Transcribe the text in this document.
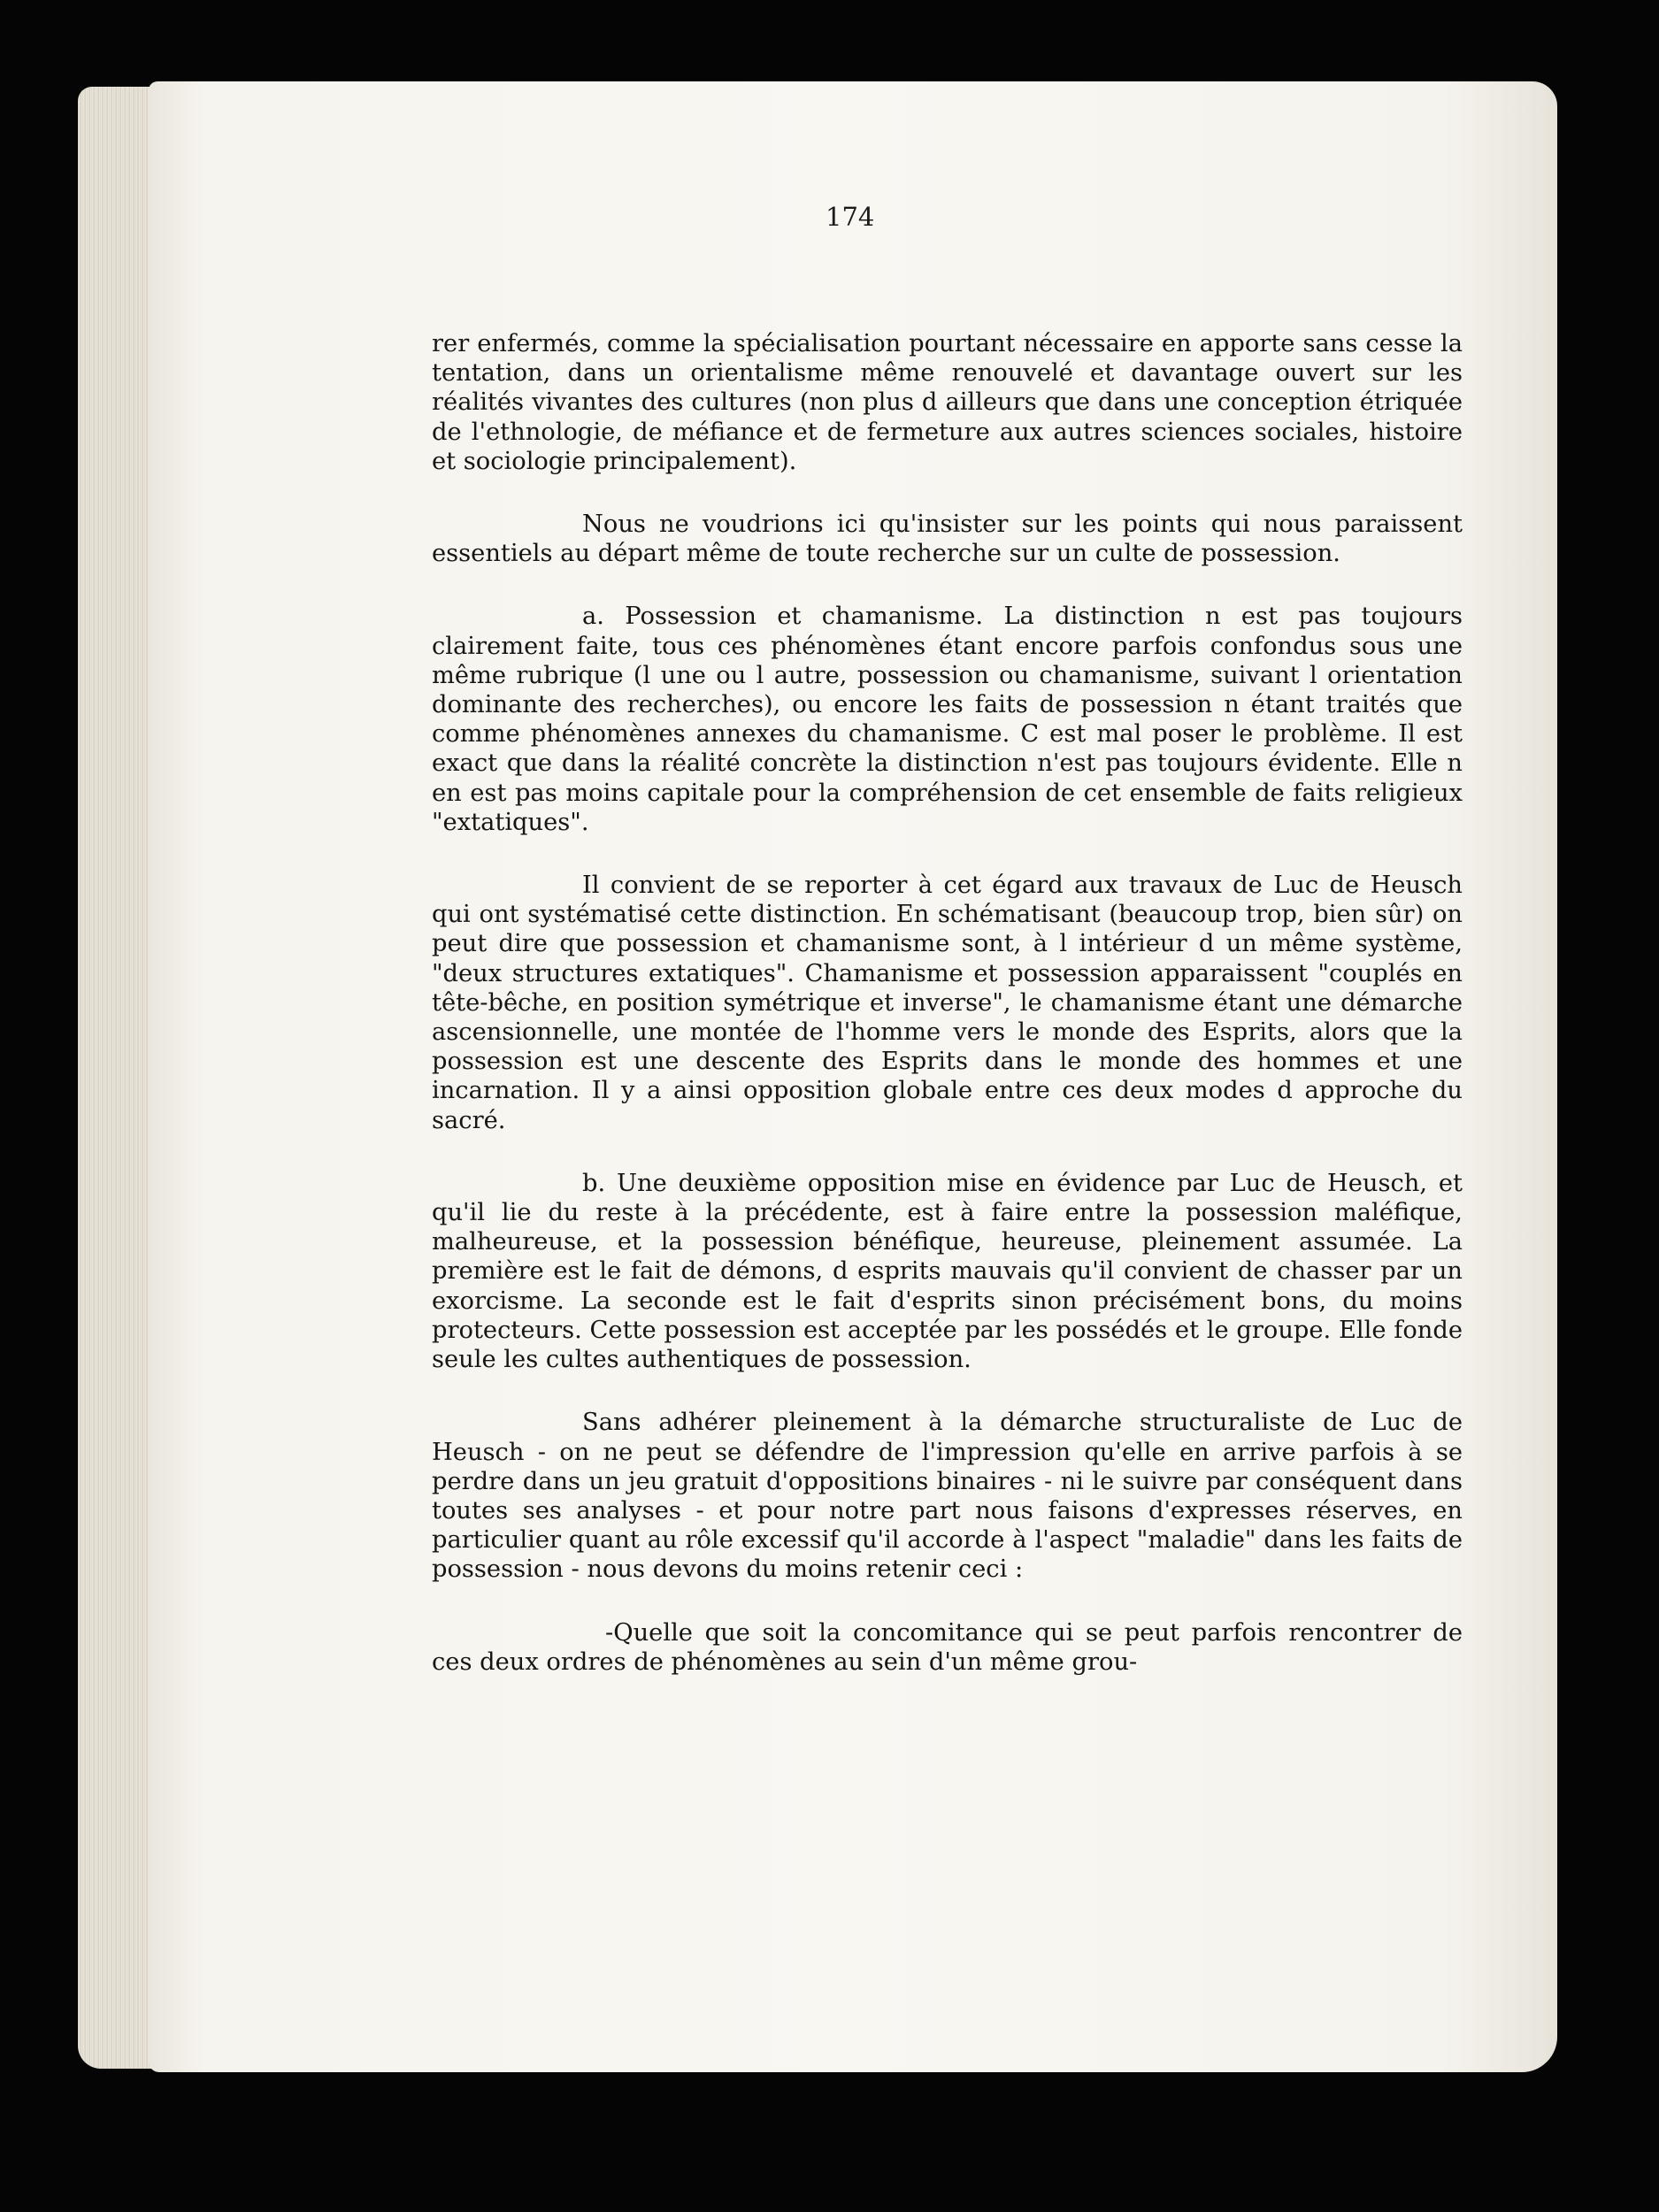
174

rer enfermés, comme la spécialisation pourtant nécessaire en apporte sans cesse la tentation, dans un orientalisme même renouvelé et davantage ouvert sur les réalités vivantes des cultures (non plus d ailleurs que dans une conception étriquée de l'ethnologie, de méfiance et de fermeture aux autres sciences sociales, histoire et sociologie principalement).

Nous ne voudrions ici qu'insister sur les points qui nous paraissent essentiels au départ même de toute recherche sur un culte de possession.

a. Possession et chamanisme. La distinction n est pas toujours clairement faite, tous ces phénomènes étant encore parfois confondus sous une même rubrique (l une ou l autre, possession ou chamanisme, suivant l orientation dominante des recherches), ou encore les faits de possession n étant traités que comme phénomènes annexes du chamanisme. C est mal poser le problème. Il est exact que dans la réalité concrète la distinction n'est pas toujours évidente. Elle n en est pas moins capitale pour la compréhension de cet ensemble de faits religieux "extatiques".

Il convient de se reporter à cet égard aux travaux de Luc de Heusch qui ont systématisé cette distinction. En schématisant (beaucoup trop, bien sûr) on peut dire que possession et chamanisme sont, à l intérieur d un même système, "deux structures extatiques". Chamanisme et possession apparaissent "couplés en tête-bêche, en position symétrique et inverse", le chamanisme étant une démarche ascensionnelle, une montée de l'homme vers le monde des Esprits, alors que la possession est une descente des Esprits dans le monde des hommes et une incarnation. Il y a ainsi opposition globale entre ces deux modes d approche du sacré.

b. Une deuxième opposition mise en évidence par Luc de Heusch, et qu'il lie du reste à la précédente, est à faire entre la possession maléfique, malheureuse, et la possession bénéfique, heureuse, pleinement assumée. La première est le fait de démons, d esprits mauvais qu'il convient de chasser par un exorcisme. La seconde est le fait d'esprits sinon précisément bons, du moins protecteurs. Cette possession est acceptée par les possédés et le groupe. Elle fonde seule les cultes authentiques de possession.

Sans adhérer pleinement à la démarche structuraliste de Luc de Heusch - on ne peut se défendre de l'impression qu'elle en arrive parfois à se perdre dans un jeu gratuit d'oppositions binaires - ni le suivre par conséquent dans toutes ses analyses - et pour notre part nous faisons d'expresses réserves, en particulier quant au rôle excessif qu'il accorde à l'aspect "maladie" dans les faits de possession - nous devons du moins retenir ceci :

-Quelle que soit la concomitance qui se peut parfois rencontrer de ces deux ordres de phénomènes au sein d'un même grou-
